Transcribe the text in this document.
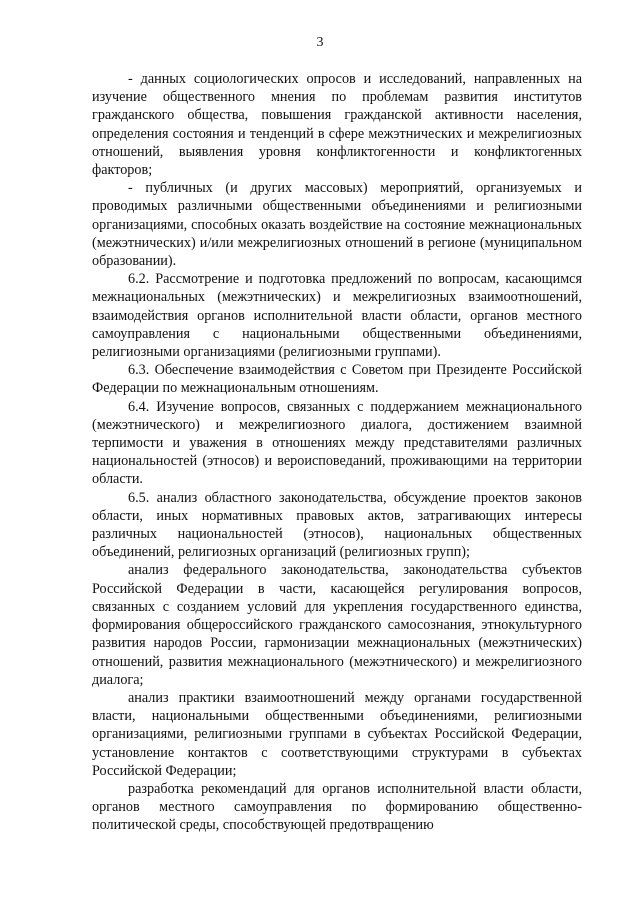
3

- данных социологических опросов и исследований, направленных на изучение общественного мнения по проблемам развития институтов гражданского общества, повышения гражданской активности населения, определения состояния и тенденций в сфере межэтнических и межрелигиозных отношений, выявления уровня конфликтогенности и конфликтогенных факторов;

- публичных (и других массовых) мероприятий, организуемых и проводимых различными общественными объединениями и религиозными организациями, способных оказать воздействие на состояние межнациональных (межэтнических) и/или межрелигиозных отношений в регионе (муниципальном образовании).

6.2. Рассмотрение и подготовка предложений по вопросам, касающимся межнациональных (межэтнических) и межрелигиозных взаимоотношений, взаимодействия органов исполнительной власти области, органов местного самоуправления с национальными общественными объединениями, религиозными организациями (религиозными группами).

6.3. Обеспечение взаимодействия с Советом при Президенте Российской Федерации по межнациональным отношениям.

6.4. Изучение вопросов, связанных с поддержанием межнационального (межэтнического) и межрелигиозного диалога, достижением взаимной терпимости и уважения в отношениях между представителями различных национальностей (этносов) и вероисповеданий, проживающими на территории области.

6.5. анализ областного законодательства, обсуждение проектов законов области, иных нормативных правовых актов, затрагивающих интересы различных национальностей (этносов), национальных общественных объединений, религиозных организаций (религиозных групп);

анализ федерального законодательства, законодательства субъектов Российской Федерации в части, касающейся регулирования вопросов, связанных с созданием условий для укрепления государственного единства, формирования общероссийского гражданского самосознания, этнокультурного развития народов России, гармонизации межнациональных (межэтнических) отношений, развития межнационального (межэтнического) и межрелигиозного диалога;

анализ практики взаимоотношений между органами государственной власти, национальными общественными объединениями, религиозными организациями, религиозными группами в субъектах Российской Федерации, установление контактов с соответствующими структурами в субъектах Российской Федерации;

разработка рекомендаций для органов исполнительной власти области, органов местного самоуправления по формированию общественно-политической среды, способствующей предотвращению
